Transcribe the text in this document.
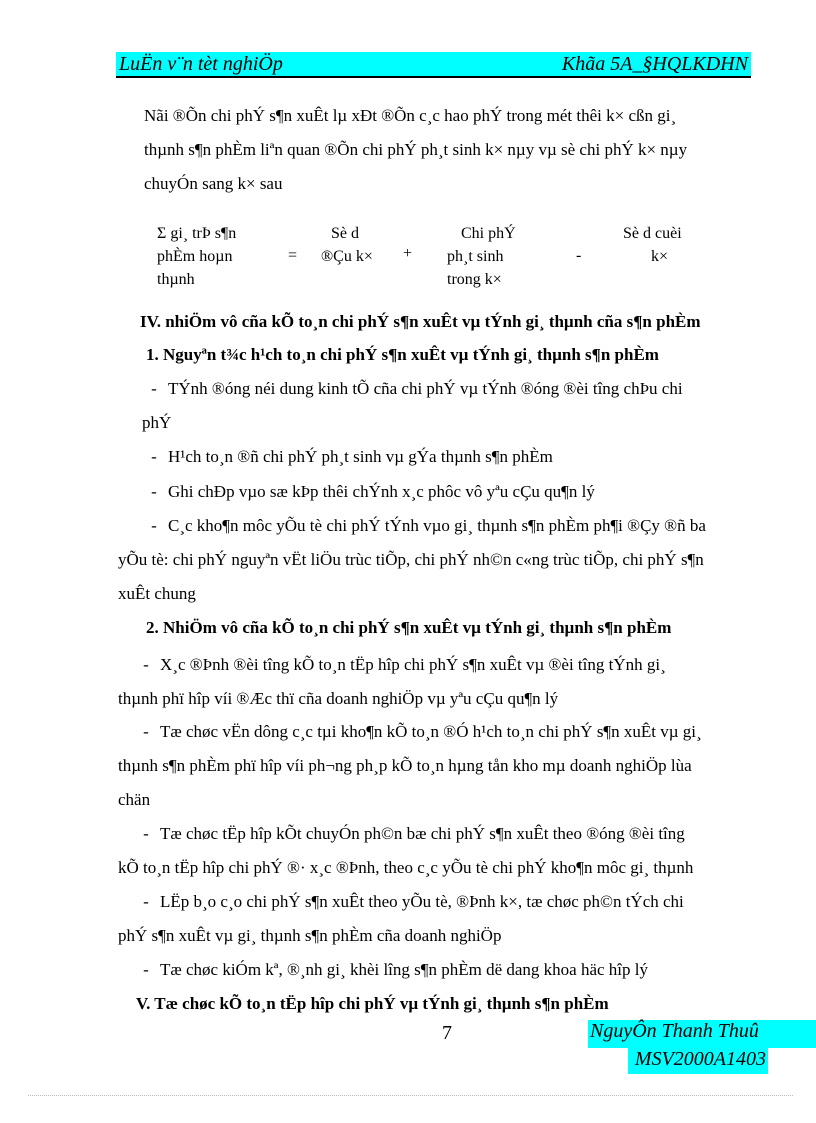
LuËn v¨n tèt nghiÖp	Khãa 5A_§HQLKDHN
Nãi ®Õn chi phÝ s¶n xuÊt lµ xÐt ®Õn c¸c hao phÝ trong mét thêi k× cßn gi¸
thµnh s¶n phÈm liªn quan ®Õn chi phÝ ph¸t sinh k× nµy vµ sè chi phÝ k× nµy
chuyÓn sang k× sau
Σ gi¸ trÞ s¶n
phÈm hoµn
thµnh
=
Sè d
®Çu k× +
Chi phÝ
ph¸t sinh
trong k×
-
Sè d cuèi
k×
IV. nhiÖm vô cña kÕ to¸n chi phÝ s¶n xuÊt vµ tÝnh gi¸ thµnh cña s¶n phÈm
1. Nguyªn t¾c h¹ch to¸n chi phÝ s¶n xuÊt vµ tÝnh gi¸ thµnh s¶n phÈm
- TÝnh ®óng néi dung kinh tÕ cña chi phÝ vµ tÝnh ®óng ®èi tîng chÞu chi
phÝ
- H¹ch to¸n ®ñ chi phÝ ph¸t sinh vµ gÝa thµnh s¶n phÈm
- Ghi chÐp vµo sæ kÞp thêi chÝnh x¸c phôc vô yªu cÇu qu¶n lý
- C¸c kho¶n môc yÕu tè chi phÝ tÝnh vµo gi¸ thµnh s¶n phÈm ph¶i ®Çy ®ñ ba
yÕu tè: chi phÝ nguyªn vËt liÖu trùc tiÕp, chi phÝ nh©n c«ng trùc tiÕp, chi phÝ s¶n
xuÊt chung
2. NhiÖm vô cña kÕ to¸n chi phÝ s¶n xuÊt vµ tÝnh gi¸ thµnh s¶n phÈm
- X¸c ®Þnh ®èi tîng kÕ to¸n tËp hîp chi phÝ s¶n xuÊt vµ ®èi tîng tÝnh gi¸
thµnh phï hîp víi ®Æc thï cña doanh nghiÖp vµ yªu cÇu qu¶n lý
- Tæ chøc vËn dông c¸c tµi kho¶n kÕ to¸n ®Ó h¹ch to¸n chi phÝ s¶n xuÊt vµ gi¸
thµnh s¶n phÈm phï hîp víi ph¬ng ph¸p kÕ to¸n hµng tån kho mµ doanh nghiÖp lùa
chän
- Tæ chøc tËp hîp kÕt chuyÓn ph©n bæ chi phÝ s¶n xuÊt theo ®óng ®èi tîng
kÕ to¸n tËp hîp chi phÝ ®· x¸c ®Þnh, theo c¸c yÕu tè chi phÝ kho¶n môc gi¸ thµnh
- LËp b¸o c¸o chi phÝ s¶n xuÊt theo yÕu tè, ®Þnh k×, tæ chøc ph©n tÝch chi
phÝ s¶n xuÊt vµ gi¸ thµnh s¶n phÈm cña doanh nghiÖp
- Tæ chøc kiÓm kª, ®¸nh gi¸ khèi lîng s¶n phÈm dë dang khoa häc hîp lý
V. Tæ chøc kÕ to¸n tËp hîp chi phÝ vµ tÝnh gi¸ thµnh s¶n phÈm
7	NguyÔn Thanh Thuû
MSV2000A1403
